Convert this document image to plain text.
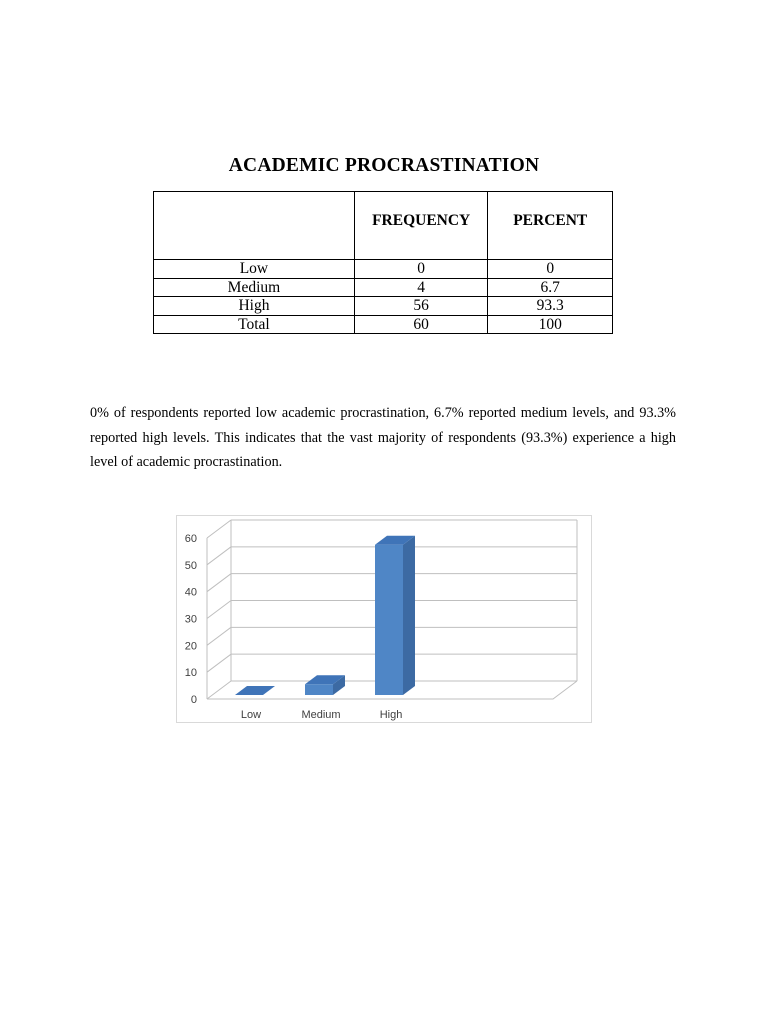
ACADEMIC PROCRASTINATION
	FREQUENCY	PERCENT
Low	0	0
Medium	4	6.7
High	56	93.3
Total	60	100

0% of respondents reported low academic procrastination, 6.7% reported medium levels, and 93.3% reported high levels. This indicates that the vast majority of respondents (93.3%) experience a high level of academic procrastination.

0
10
20
30
40
50
60
Low	Medium	High
